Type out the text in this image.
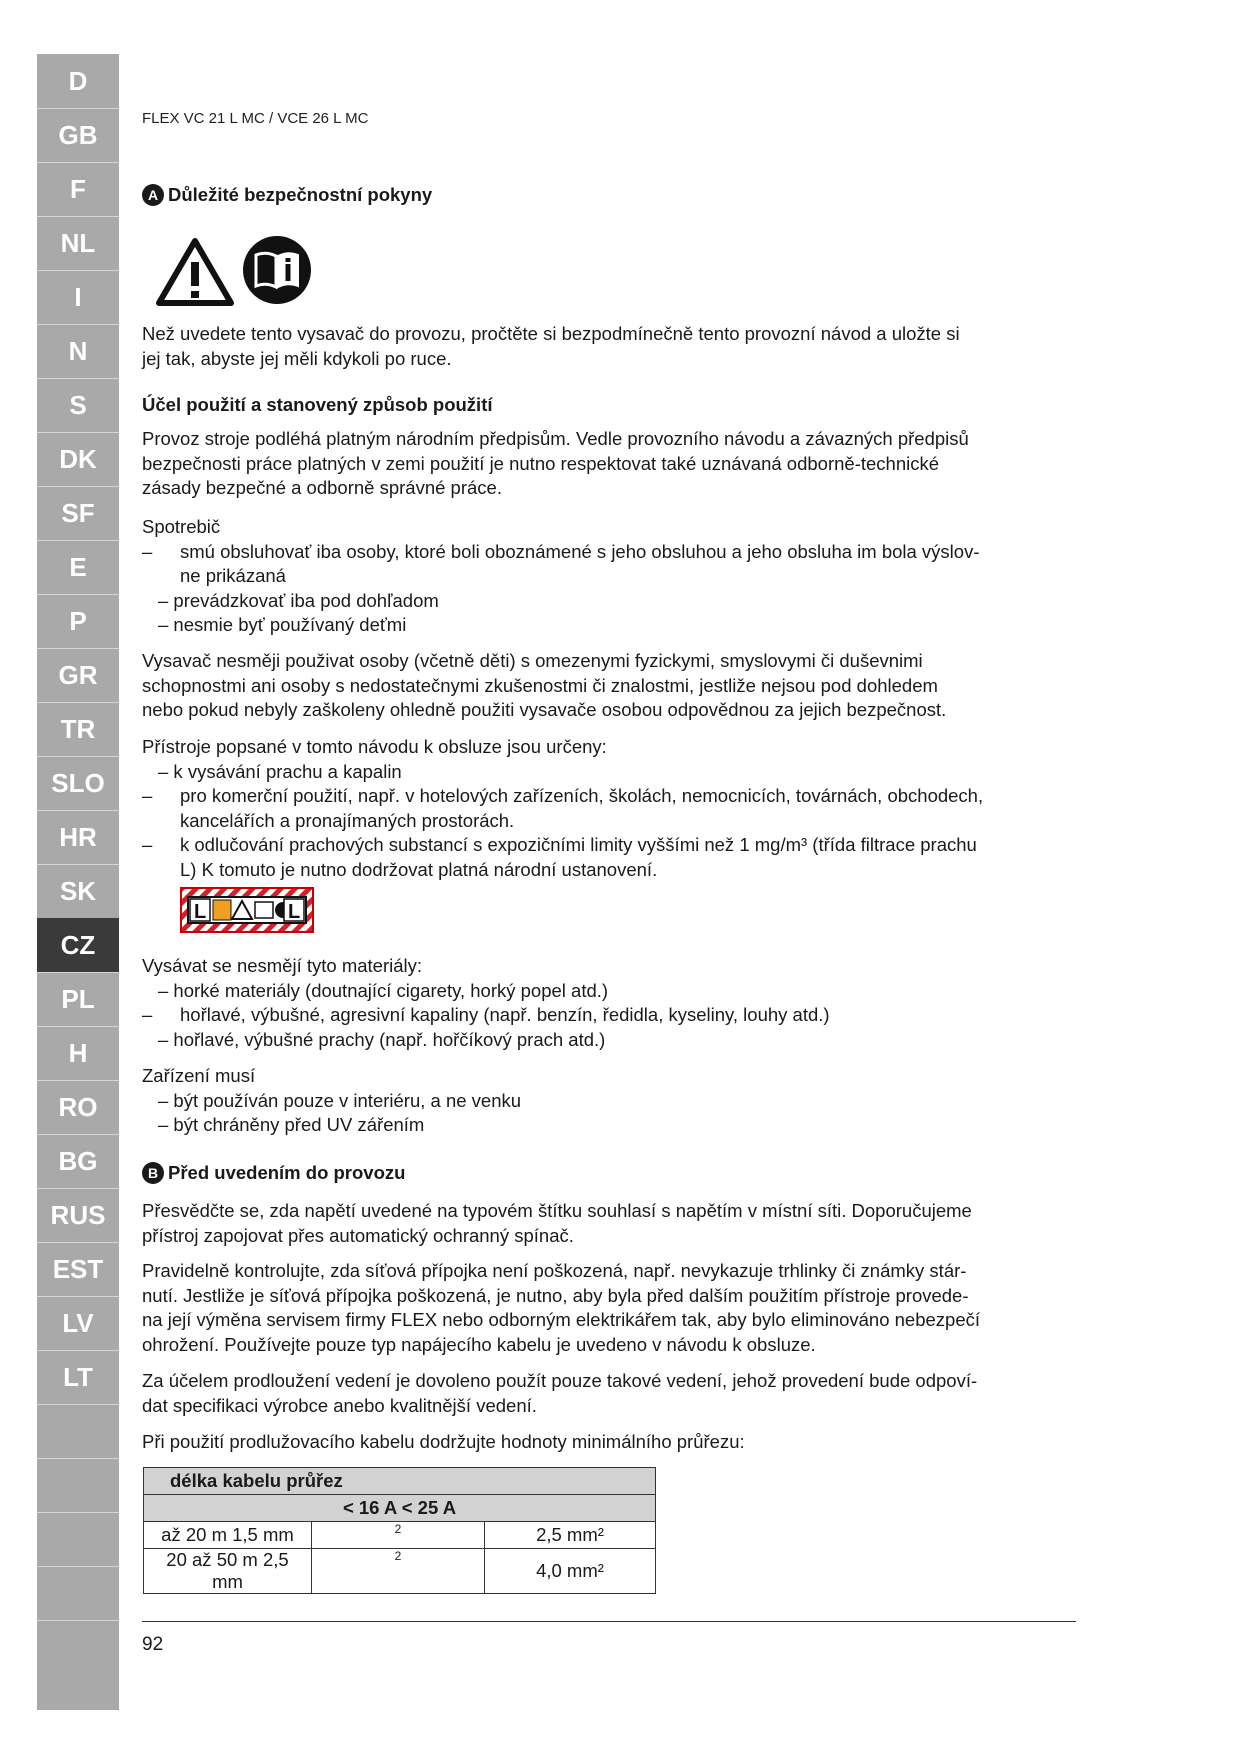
D
GB
F
NL
I
N
S
DK
SF
E
P
GR
TR
SLO
HR
SK
CZ
PL
H
RO
BG
RUS
EST
LV
LT
FLEX VC 21 L MC / VCE 26 L MC
A Důležité bezpečnostní pokyny
Než uvedete tento vysavač do provozu, pročtěte si bezpodmínečně tento provozní návod a uložte si
jej tak, abyste jej měli kdykoli po ruce.
Účel použití a stanovený způsob použití
Provoz stroje podléhá platným národním předpisům. Vedle provozního návodu a závazných předpisů
bezpečnosti práce platných v zemi použití je nutno respektovat také uznávaná odborně-technické
zásady bezpečné a odborně správné práce.
Spotrebič
– smú obsluhovať iba osoby, ktoré boli oboznámené s jeho obsluhou a jeho obsluha im bola výslov-
ne prikázaná
– prevádzkovať iba pod dohľadom
– nesmie byť používaný deťmi
Vysavač nesměji použivat osoby (včetně děti) s omezenymi fyzickymi, smyslovymi či duševnimi
schopnostmi ani osoby s nedostatečnymi zkušenostmi či znalostmi, jestliže nejsou pod dohledem
nebo pokud nebyly zaškoleny ohledně použiti vysavače osobou odpovědnou za jejich bezpečnost.
Přístroje popsané v tomto návodu k obsluze jsou určeny:
– k vysávání prachu a kapalin
– pro komerční použití, např. v hotelových zařízeních, školách, nemocnicích, továrnách, obchodech,
kancelářích a pronajímaných prostorách.
– k odlučování prachových substancí s expozičními limity vyššími než 1 mg/m³ (třída filtrace prachu
L) K tomuto je nutno dodržovat platná národní ustanovení.
L	L
Vysávat se nesmějí tyto materiály:
– horké materiály (doutnající cigarety, horký popel atd.)
– hořlavé, výbušné, agresivní kapaliny (např. benzín, ředidla, kyseliny, louhy atd.)
– hořlavé, výbušné prachy (např. hořčíkový prach atd.)
Zařízení musí
– být používán pouze v interiéru, a ne venku
– být chráněny před UV zářením
B Před uvedením do provozu
Přesvědčte se, zda napětí uvedené na typovém štítku souhlasí s napětím v místní síti. Doporučujeme
přístroj zapojovat přes automatický ochranný spínač.
Pravidelně kontrolujte, zda síťová přípojka není poškozená, např. nevykazuje trhlinky či známky stár-
nutí. Jestliže je síťová přípojka poškozená, je nutno, aby byla před dalším použitím přístroje provede-
na její výměna servisem firmy FLEX nebo odborným elektrikářem tak, aby bylo eliminováno nebezpečí
ohrožení. Používejte pouze typ napájecího kabelu je uvedeno v návodu k obsluze.
Za účelem prodloužení vedení je dovoleno použít pouze takové vedení, jehož provedení bude odpoví-
dat specifikaci výrobce anebo kvalitnější vedení.
Při použití prodlužovacího kabelu dodržujte hodnoty minimálního průřezu:
délka kabelu průřez		
< 16 A < 25 A		
až 20 m 1,5 mm	2	2,5 mm²
20 až 50 m 2,5 mm	2	4,0 mm²
92
